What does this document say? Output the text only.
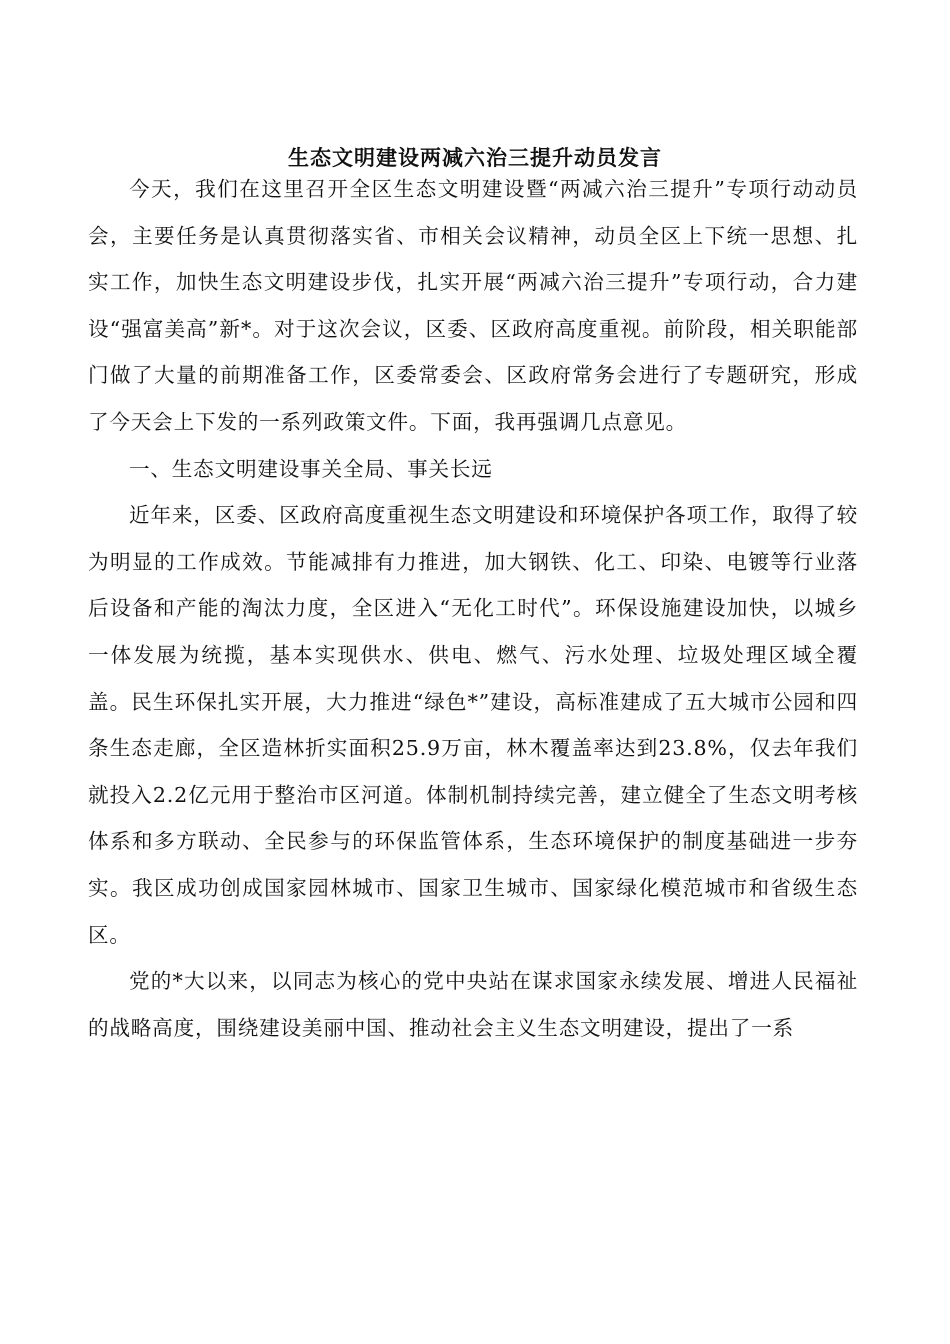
生态文明建设两减六治三提升动员发言

今天，我们在这里召开全区生态文明建设暨“两减六治三提升”专项行动动员会，主要任务是认真贯彻落实省、市相关会议精神，动员全区上下统一思想、扎实工作，加快生态文明建设步伐，扎实开展“两减六治三提升”专项行动，合力建设“强富美高”新*。对于这次会议，区委、区政府高度重视。前阶段，相关职能部门做了大量的前期准备工作，区委常委会、区政府常务会进行了专题研究，形成了今天会上下发的一系列政策文件。下面，我再强调几点意见。

一、生态文明建设事关全局、事关长远

近年来，区委、区政府高度重视生态文明建设和环境保护各项工作，取得了较为明显的工作成效。节能减排有力推进，加大钢铁、化工、印染、电镀等行业落后设备和产能的淘汰力度，全区进入“无化工时代”。环保设施建设加快，以城乡一体发展为统揽，基本实现供水、供电、燃气、污水处理、垃圾处理区域全覆盖。民生环保扎实开展，大力推进“绿色*”建设，高标准建成了五大城市公园和四条生态走廊，全区造林折实面积25.9万亩，林木覆盖率达到23.8%，仅去年我们就投入2.2亿元用于整治市区河道。体制机制持续完善，建立健全了生态文明考核体系和多方联动、全民参与的环保监管体系，生态环境保护的制度基础进一步夯实。我区成功创成国家园林城市、国家卫生城市、国家绿化模范城市和省级生态区。

党的*大以来，以同志为核心的党中央站在谋求国家永续发展、增进人民福祉的战略高度，围绕建设美丽中国、推动社会主义生态文明建设，提出了一系
